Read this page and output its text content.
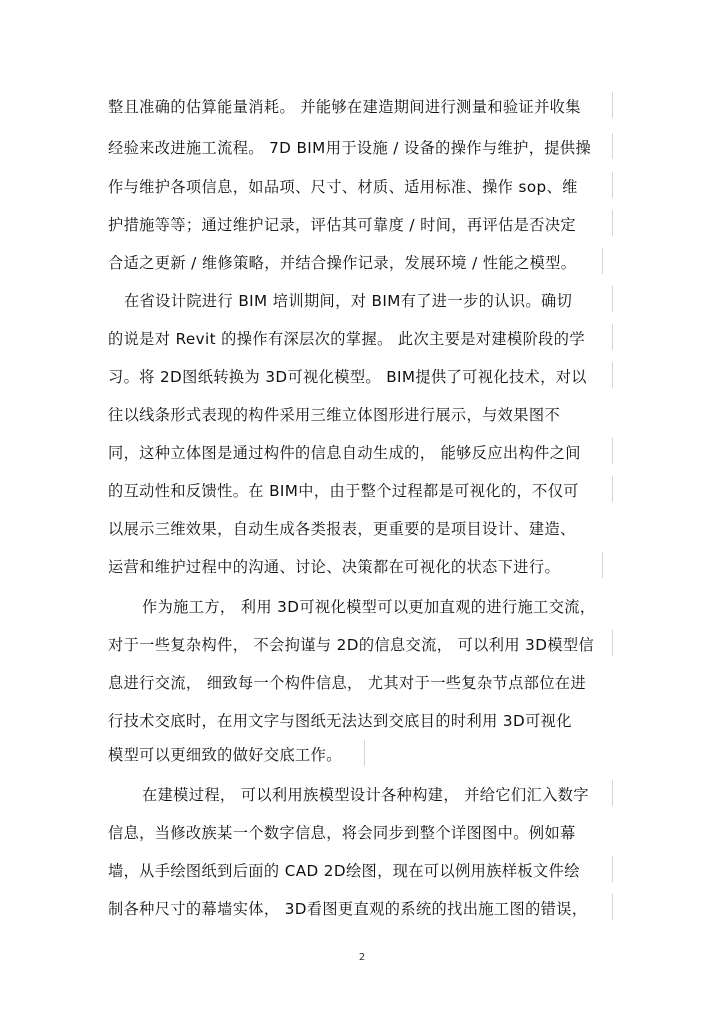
整且准确的估算能量消耗。 并能够在建造期间进行测量和验证并收集
经验来改进施工流程。 7D BIM用于设施 / 设备的操作与维护，提供操
作与维护各项信息，如品项、尺寸、材质、适用标准、操作 sop、维
护措施等等；通过维护记录，评估其可靠度 / 时间，再评估是否决定
合适之更新 / 维修策略，并结合操作记录，发展环境 / 性能之模型。
在省设计院进行 BIM 培训期间，对 BIM有了进一步的认识。确切
的说是对 Revit 的操作有深层次的掌握。 此次主要是对建模阶段的学
习。将 2D图纸转换为 3D可视化模型。 BIM提供了可视化技术，对以
往以线条形式表现的构件采用三维立体图形进行展示，与效果图不
同，这种立体图是通过构件的信息自动生成的， 能够反应出构件之间
的互动性和反馈性。在 BIM中，由于整个过程都是可视化的，不仅可
以展示三维效果，自动生成各类报表，更重要的是项目设计、建造、
运营和维护过程中的沟通、讨论、决策都在可视化的状态下进行。
作为施工方， 利用 3D可视化模型可以更加直观的进行施工交流，
对于一些复杂构件， 不会拘谨与 2D的信息交流， 可以利用 3D模型信
息进行交流， 细致每一个构件信息， 尤其对于一些复杂节点部位在进
行技术交底时，在用文字与图纸无法达到交底目的时利用 3D可视化
模型可以更细致的做好交底工作。
在建模过程， 可以利用族模型设计各种构建， 并给它们汇入数字
信息，当修改族某一个数字信息，将会同步到整个详图图中。例如幕
墙，从手绘图纸到后面的 CAD 2D绘图，现在可以例用族样板文件绘
制各种尺寸的幕墙实体， 3D看图更直观的系统的找出施工图的错误，
2
